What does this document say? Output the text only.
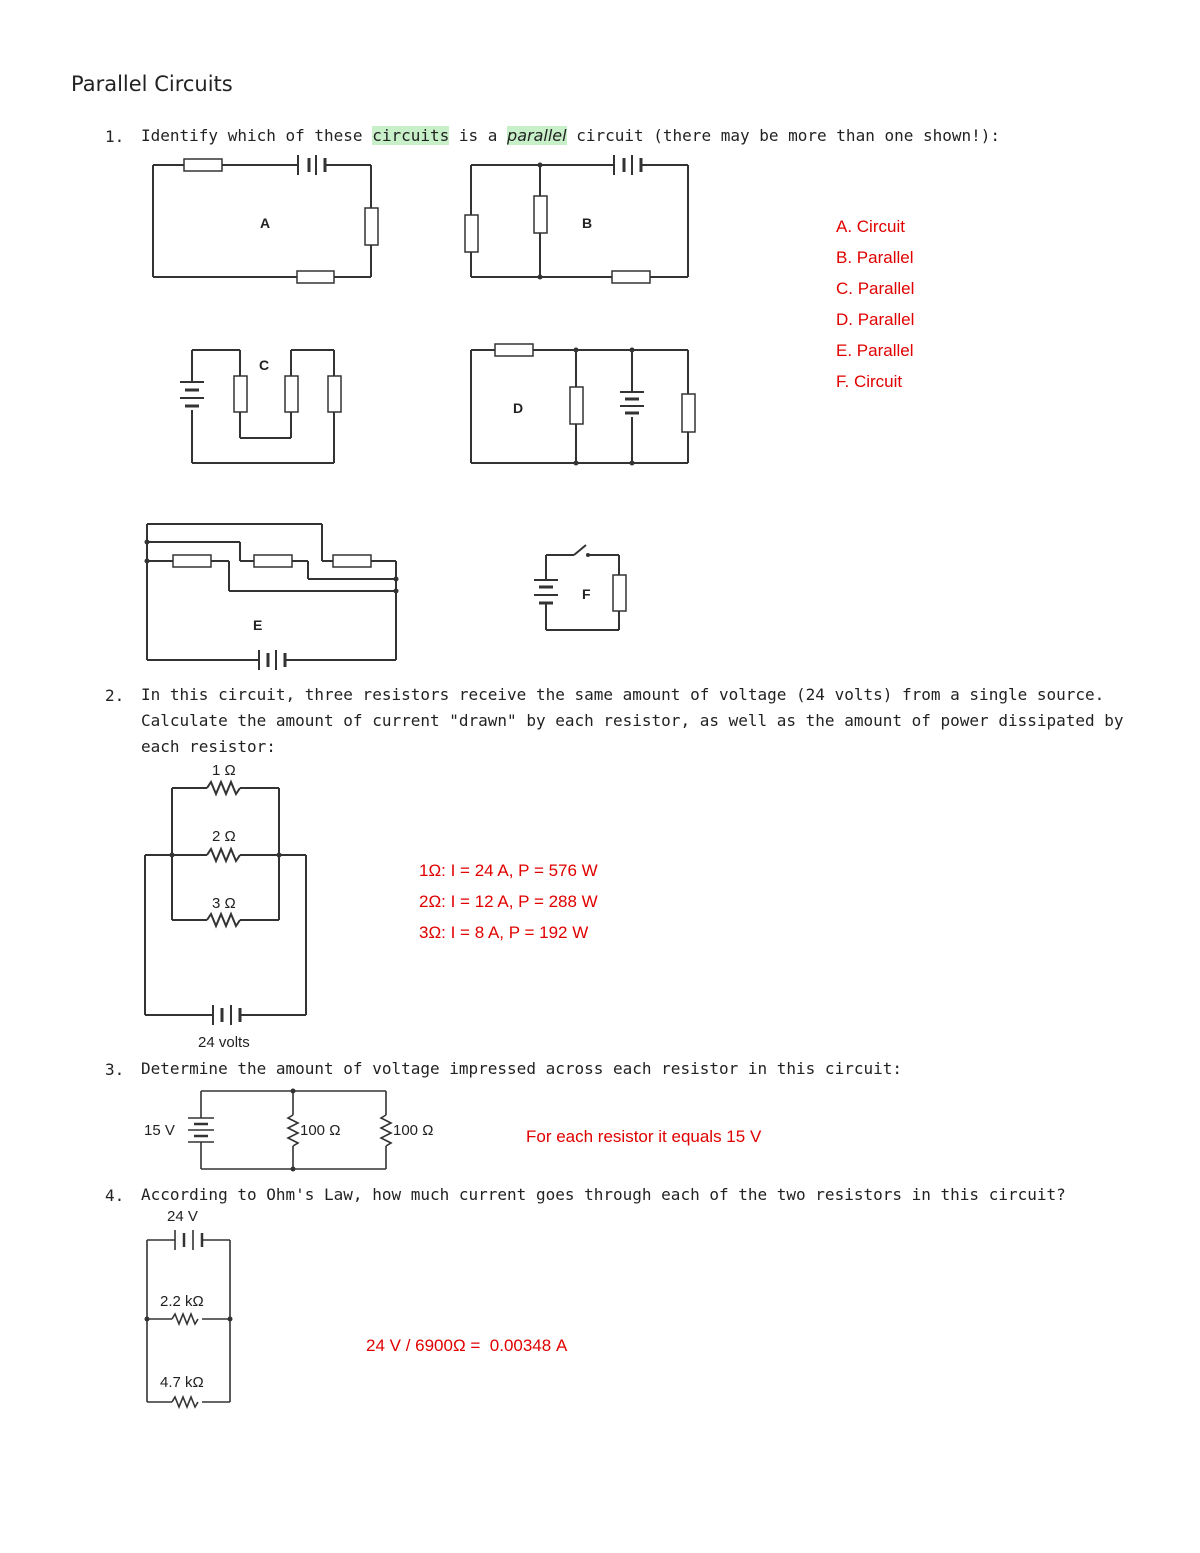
Parallel Circuits
1. Identify which of these circuits is a parallel circuit (there may be more than one shown!):
A	B
C
D
E
F
1 Ω
2 Ω
3 Ω
24 volts
15 V	100 Ω	100 Ω
24 V
2.2 kΩ
4.7 kΩ
A. Circuit
B. Parallel
C. Parallel
D. Parallel
E. Parallel
F. Circuit
2. In this circuit, three resistors receive the same amount of voltage (24 volts) from a single source.
Calculate the amount of current "drawn" by each resistor, as well as the amount of power dissipated by
each resistor:
1Ω: I = 24 A, P = 576 W
2Ω: I = 12 A, P = 288 W
3Ω: I = 8 A, P = 192 W
3. Determine the amount of voltage impressed across each resistor in this circuit:
For each resistor it equals 15 V
4. According to Ohm's Law, how much current goes through each of the two resistors in this circuit?
24 V / 6900Ω =  0.00348 A
